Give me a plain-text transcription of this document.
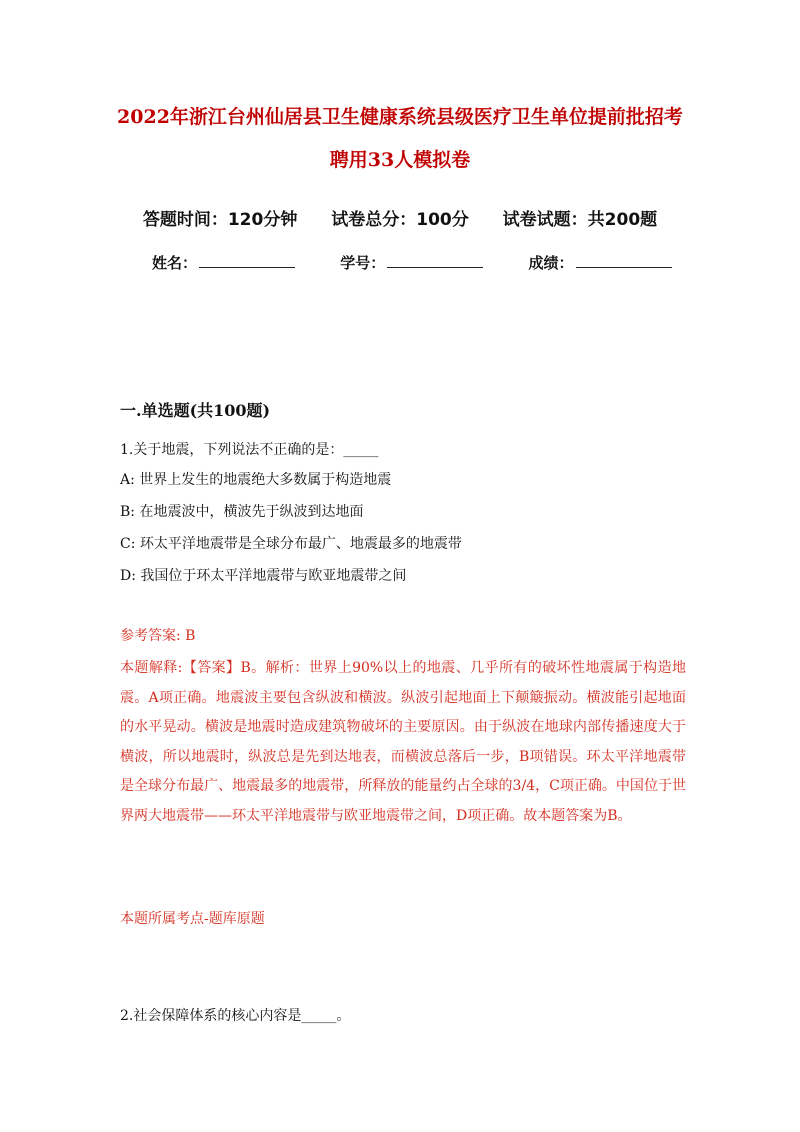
2022年浙江台州仙居县卫生健康系统县级医疗卫生单位提前批招考
聘用33人模拟卷
答题时间：120分钟 试卷总分：100分 试卷试题：共200题
姓名：	学号：	成绩：
一.单选题(共100题)
1.关于地震，下列说法不正确的是：_____
A: 世界上发生的地震绝大多数属于构造地震
B: 在地震波中，横波先于纵波到达地面
C: 环太平洋地震带是全球分布最广、地震最多的地震带
D: 我国位于环太平洋地震带与欧亚地震带之间
参考答案: B
本题解释:【答案】B。解析：世界上90%以上的地震、几乎所有的破坏性地震属于构造地震。A项正确。地震波主要包含纵波和横波。纵波引起地面上下颠簸振动。横波能引起地面的水平晃动。横波是地震时造成建筑物破坏的主要原因。由于纵波在地球内部传播速度大于横波，所以地震时，纵波总是先到达地表，而横波总落后一步，B项错误。环太平洋地震带是全球分布最广、地震最多的地震带，所释放的能量约占全球的3/4，C项正确。中国位于世界两大地震带——环太平洋地震带与欧亚地震带之间，D项正确。故本题答案为B。
本题所属考点-题库原题
2.社会保障体系的核心内容是_____。
